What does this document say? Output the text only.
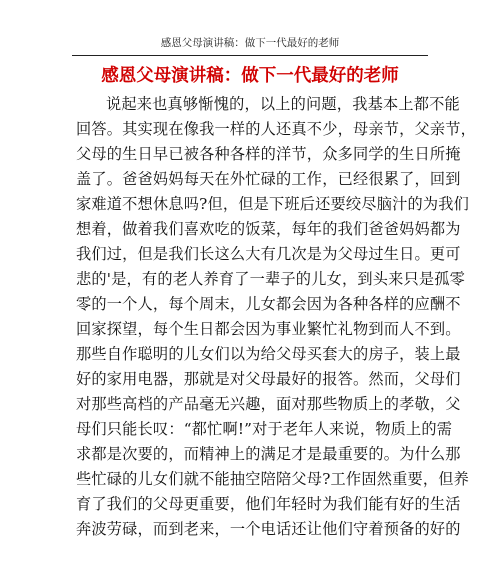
感恩父母演讲稿：做下一代最好的老师
感恩父母演讲稿：做下一代最好的老师
说起来也真够惭愧的，以上的问题，我基本上都不能
回答。其实现在像我一样的人还真不少，母亲节，父亲节，
父母的生日早已被各种各样的洋节，众多同学的生日所掩
盖了。爸爸妈妈每天在外忙碌的工作，已经很累了，回到
家难道不想休息吗?但，但是下班后还要绞尽脑汁的为我们
想着，做着我们喜欢吃的饭菜，每年的我们爸爸妈妈都为
我们过，但是我们长这么大有几次是为父母过生日。更可
悲的'是，有的老人养育了一辈子的儿女，到头来只是孤零
零的一个人，每个周末，儿女都会因为各种各样的应酬不
回家探望，每个生日都会因为事业繁忙礼物到而人不到。
那些自作聪明的儿女们以为给父母买套大的房子，装上最
好的家用电器，那就是对父母最好的报答。然而，父母们
对那些高档的产品毫无兴趣，面对那些物质上的孝敬，父
母们只能长叹：“都忙啊!”对于老年人来说，物质上的需
求都是次要的，而精神上的满足才是最重要的。为什么那
些忙碌的儿女们就不能抽空陪陪父母?工作固然重要，但养
育了我们的父母更重要，他们年轻时为我们能有好的生活
奔波劳碌，而到老来，一个电话还让他们守着预备的好的
